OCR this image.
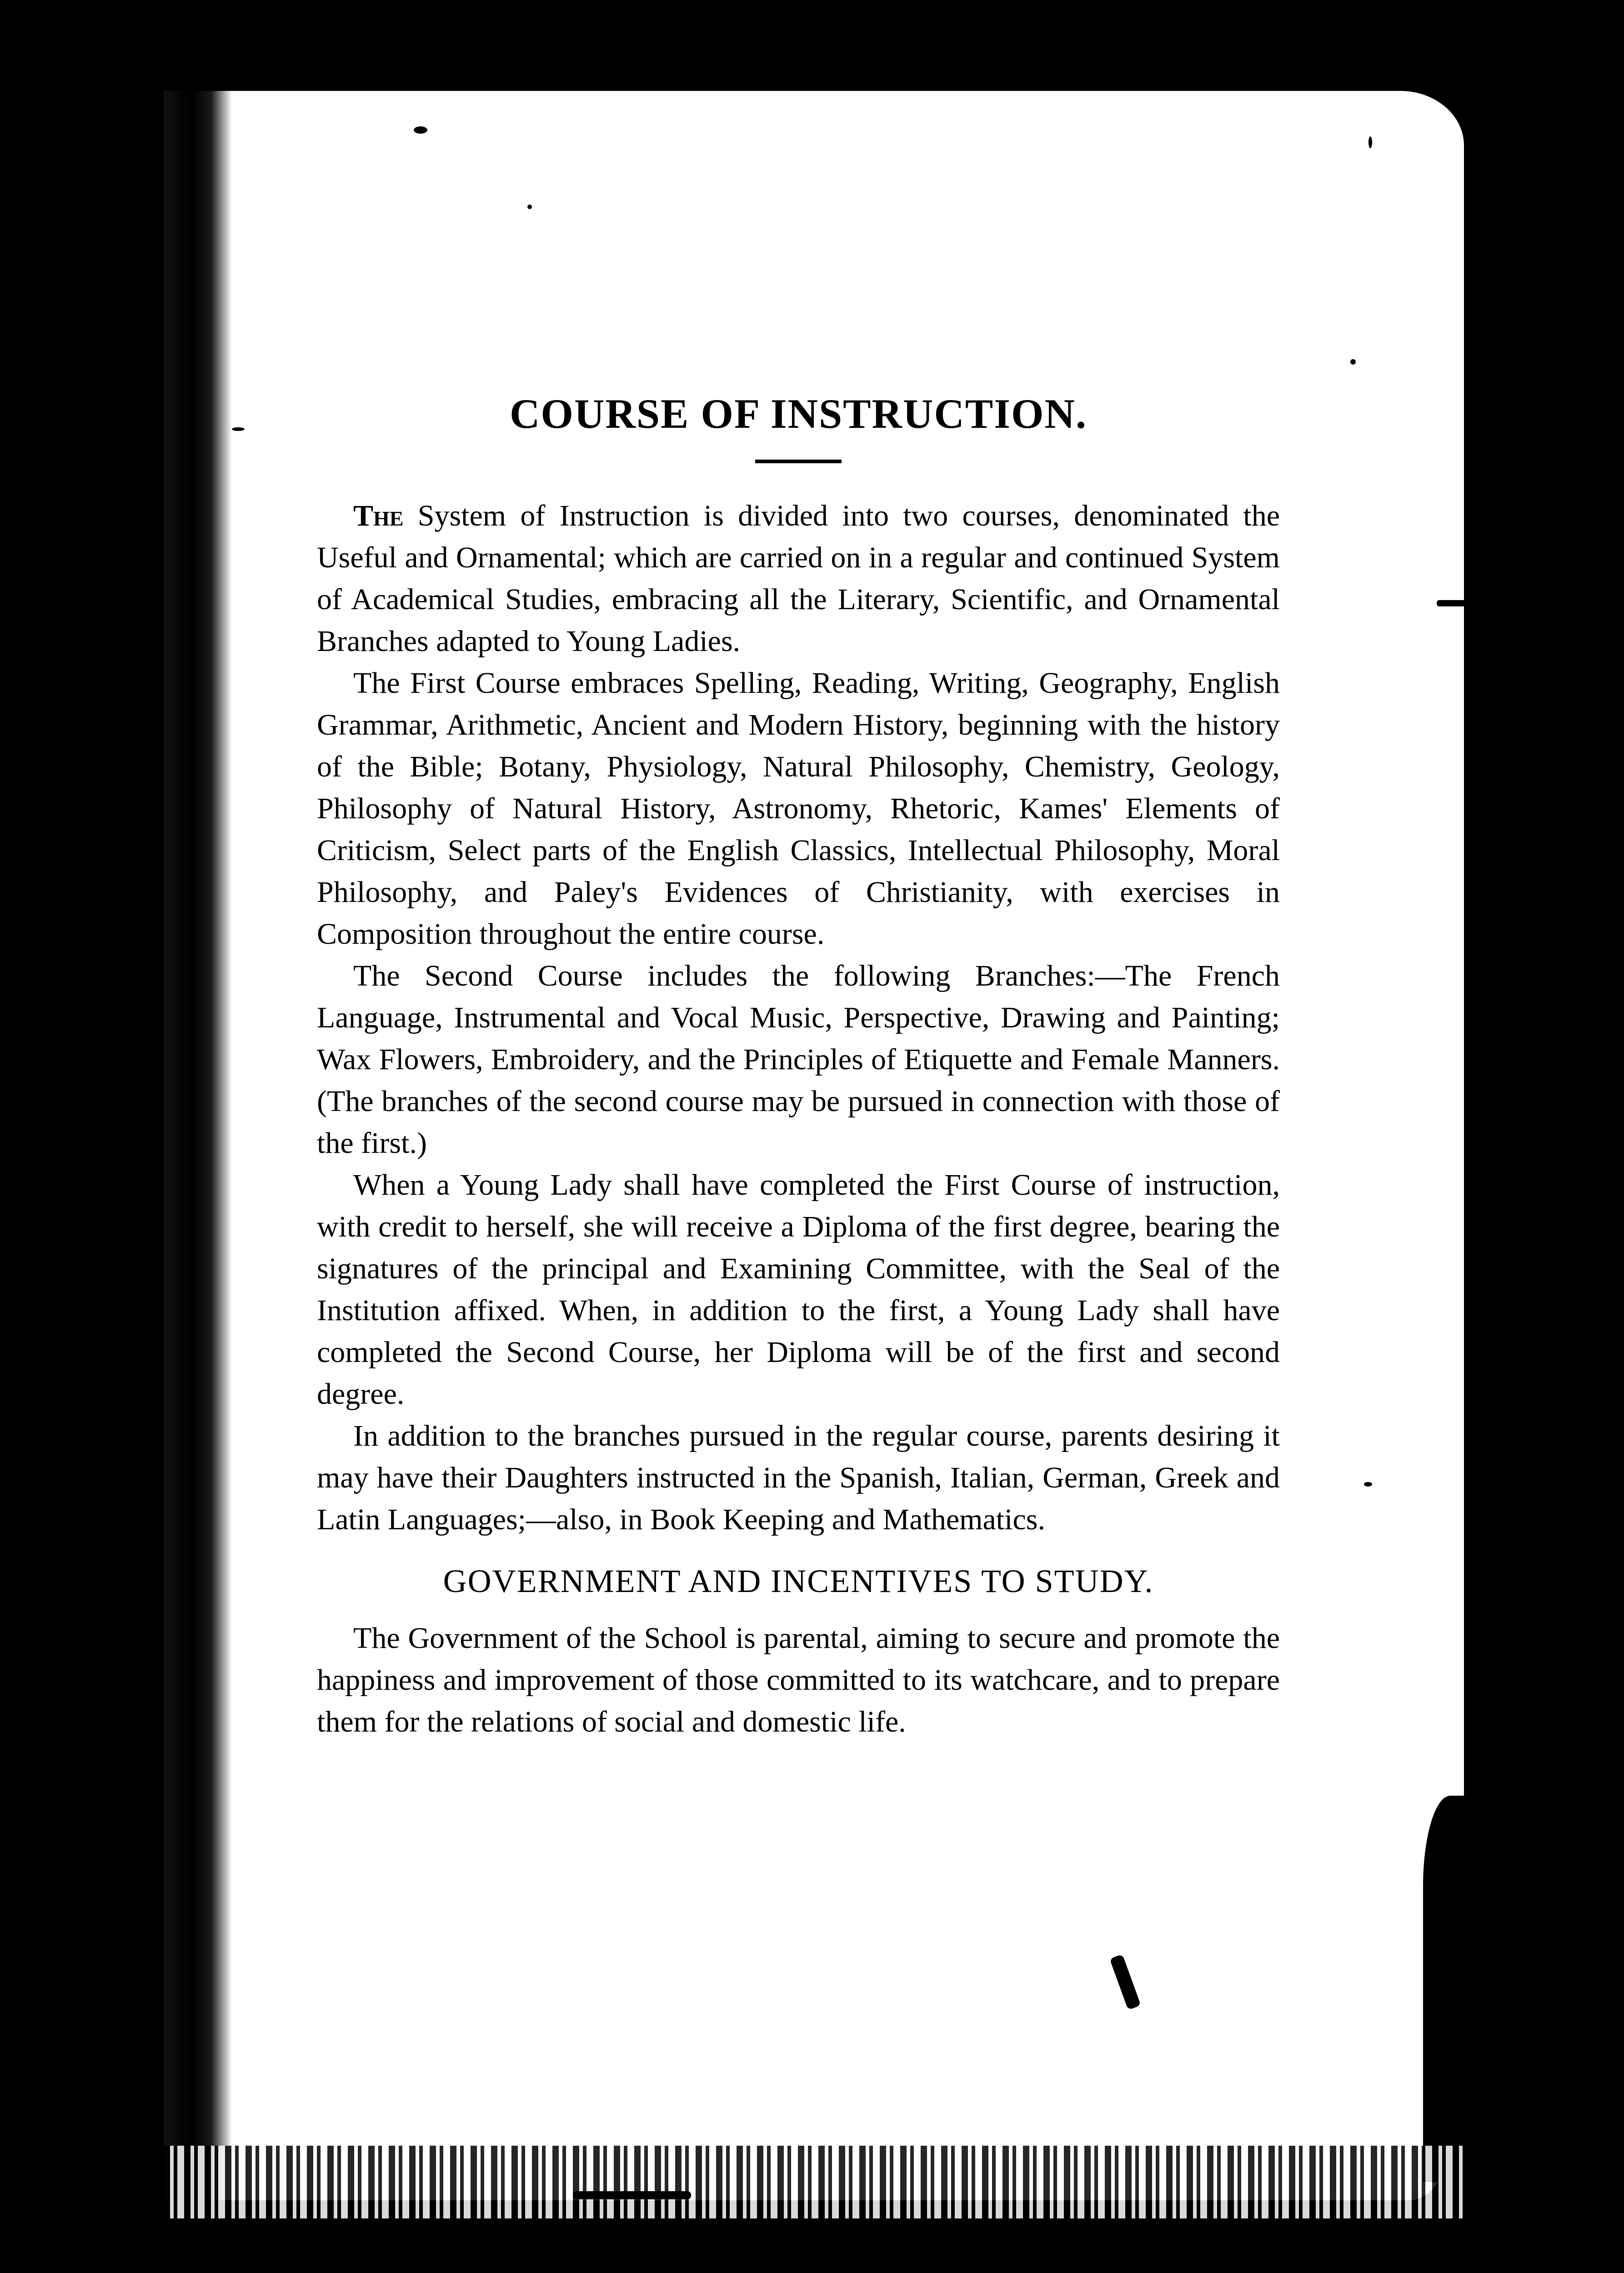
COURSE OF INSTRUCTION.

The System of Instruction is divided into two courses, denominated the Useful and Ornamental; which are carried on in a regular and continued System of Academical Studies, embracing all the Literary, Scientific, and Ornamental Branches adapted to Young Ladies.

The First Course embraces Spelling, Reading, Writing, Geography, English Grammar, Arithmetic, Ancient and Modern History, beginning with the history of the Bible; Botany, Physiology, Natural Philosophy, Chemistry, Geology, Philosophy of Natural History, Astronomy, Rhetoric, Kames' Elements of Criticism, Select parts of the English Classics, Intellectual Philosophy, Moral Philosophy, and Paley's Evidences of Christianity, with exercises in Composition throughout the entire course.

The Second Course includes the following Branches:—The French Language, Instrumental and Vocal Music, Perspective, Drawing and Painting; Wax Flowers, Embroidery, and the Principles of Etiquette and Female Manners. (The branches of the second course may be pursued in connection with those of the first.)

When a Young Lady shall have completed the First Course of instruction, with credit to herself, she will receive a Diploma of the first degree, bearing the signatures of the principal and Examining Committee, with the Seal of the Institution affixed. When, in addition to the first, a Young Lady shall have completed the Second Course, her Diploma will be of the first and second degree.

In addition to the branches pursued in the regular course, parents desiring it may have their Daughters instructed in the Spanish, Italian, German, Greek and Latin Languages;—also, in Book Keeping and Mathematics.

GOVERNMENT AND INCENTIVES TO STUDY.

The Government of the School is parental, aiming to secure and promote the happiness and improvement of those committed to its watchcare, and to prepare them for the relations of social and domestic life.
